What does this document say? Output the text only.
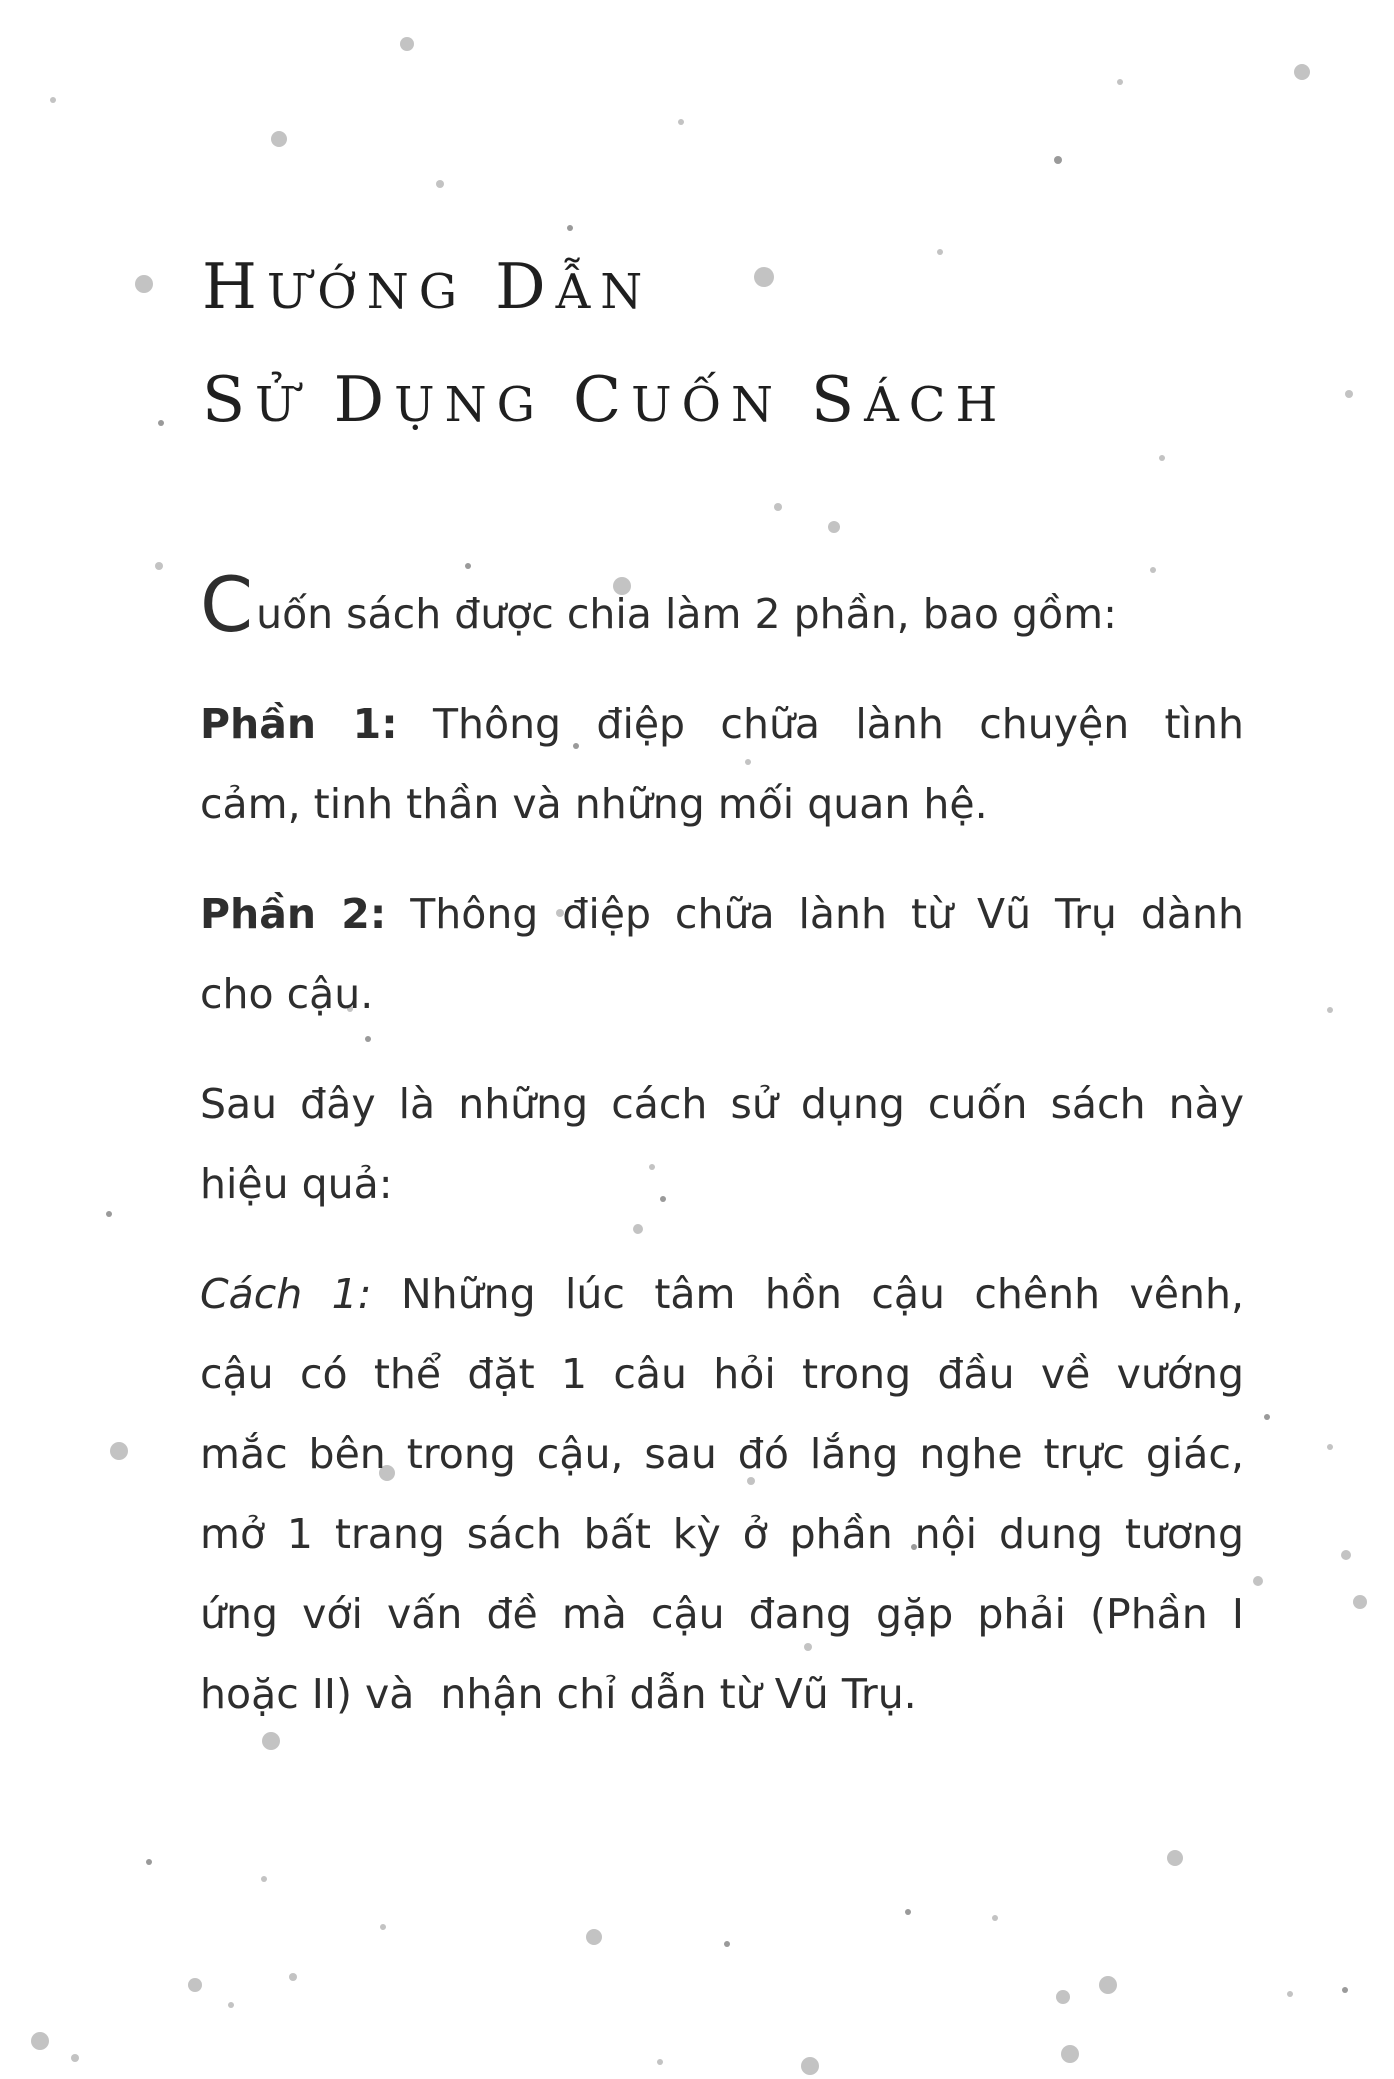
HƯỚNG DẪN
SỬ DỤNG CUỐN SÁCH
Cuốn sách được chia làm 2 phần, bao gồm:
Phần 1: Thông điệp chữa lành chuyện tình
cảm, tinh thần và những mối quan hệ.
Phần 2: Thông điệp chữa lành từ Vũ Trụ dành
cho cậu.
Sau đây là những cách sử dụng cuốn sách này
hiệu quả:
Cách 1: Những lúc tâm hồn cậu chênh vênh,
cậu có thể đặt 1 câu hỏi trong đầu về vướng
mắc bên trong cậu, sau đó lắng nghe trực giác,
mở 1 trang sách bất kỳ ở phần nội dung tương
ứng với vấn đề mà cậu đang gặp phải (Phần I
hoặc II) và  nhận chỉ dẫn từ Vũ Trụ.
